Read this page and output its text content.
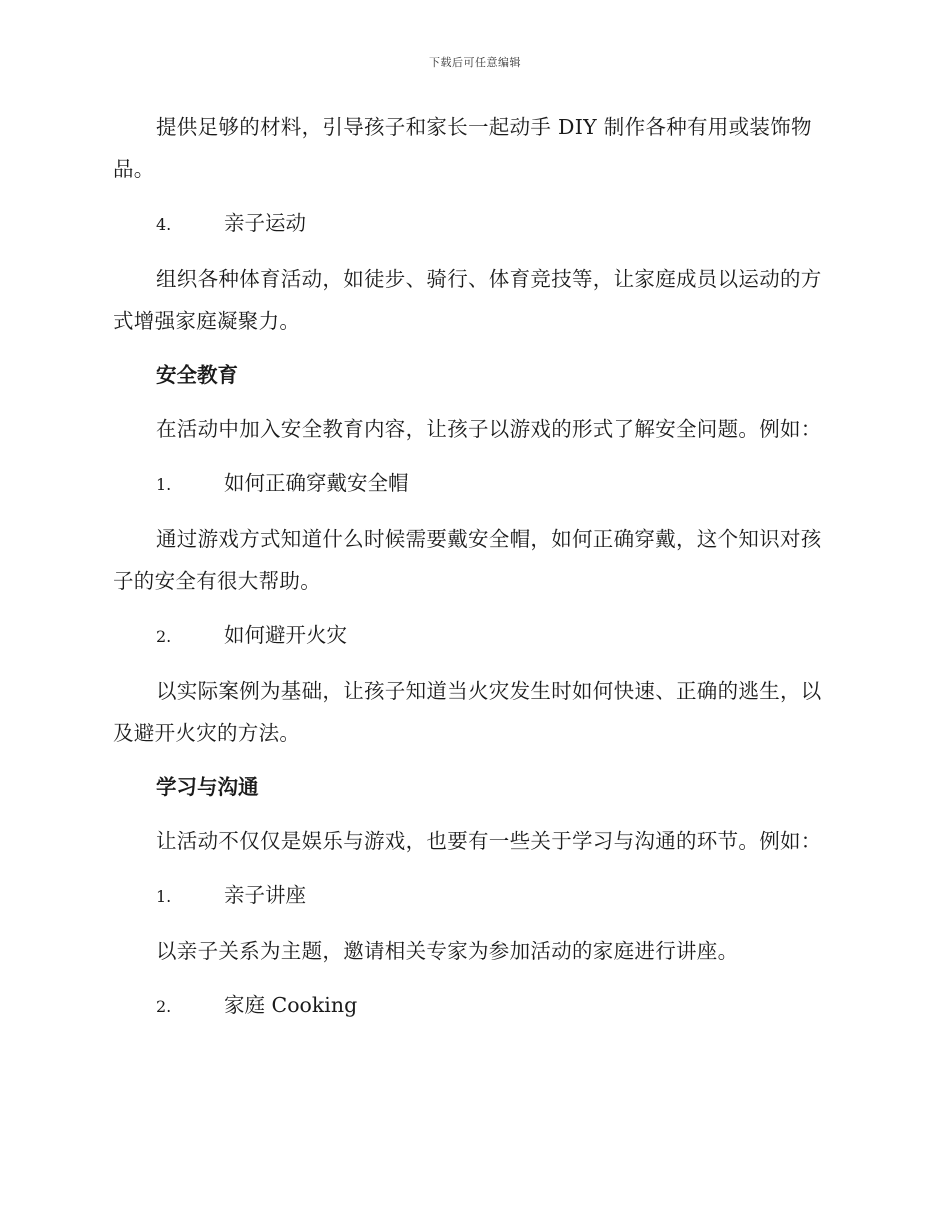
下载后可任意编辑

提供足够的材料，引导孩子和家长一起动手 DIY 制作各种有用或装饰物品。

4.	亲子运动

组织各种体育活动，如徒步、骑行、体育竞技等，让家庭成员以运动的方式增强家庭凝聚力。

安全教育

在活动中加入安全教育内容，让孩子以游戏的形式了解安全问题。例如：

1.	如何正确穿戴安全帽

通过游戏方式知道什么时候需要戴安全帽，如何正确穿戴，这个知识对孩子的安全有很大帮助。

2.	如何避开火灾

以实际案例为基础，让孩子知道当火灾发生时如何快速、正确的逃生，以及避开火灾的方法。

学习与沟通

让活动不仅仅是娱乐与游戏，也要有一些关于学习与沟通的环节。例如：

1.	亲子讲座

以亲子关系为主题，邀请相关专家为参加活动的家庭进行讲座。

2.	家庭 Cooking
